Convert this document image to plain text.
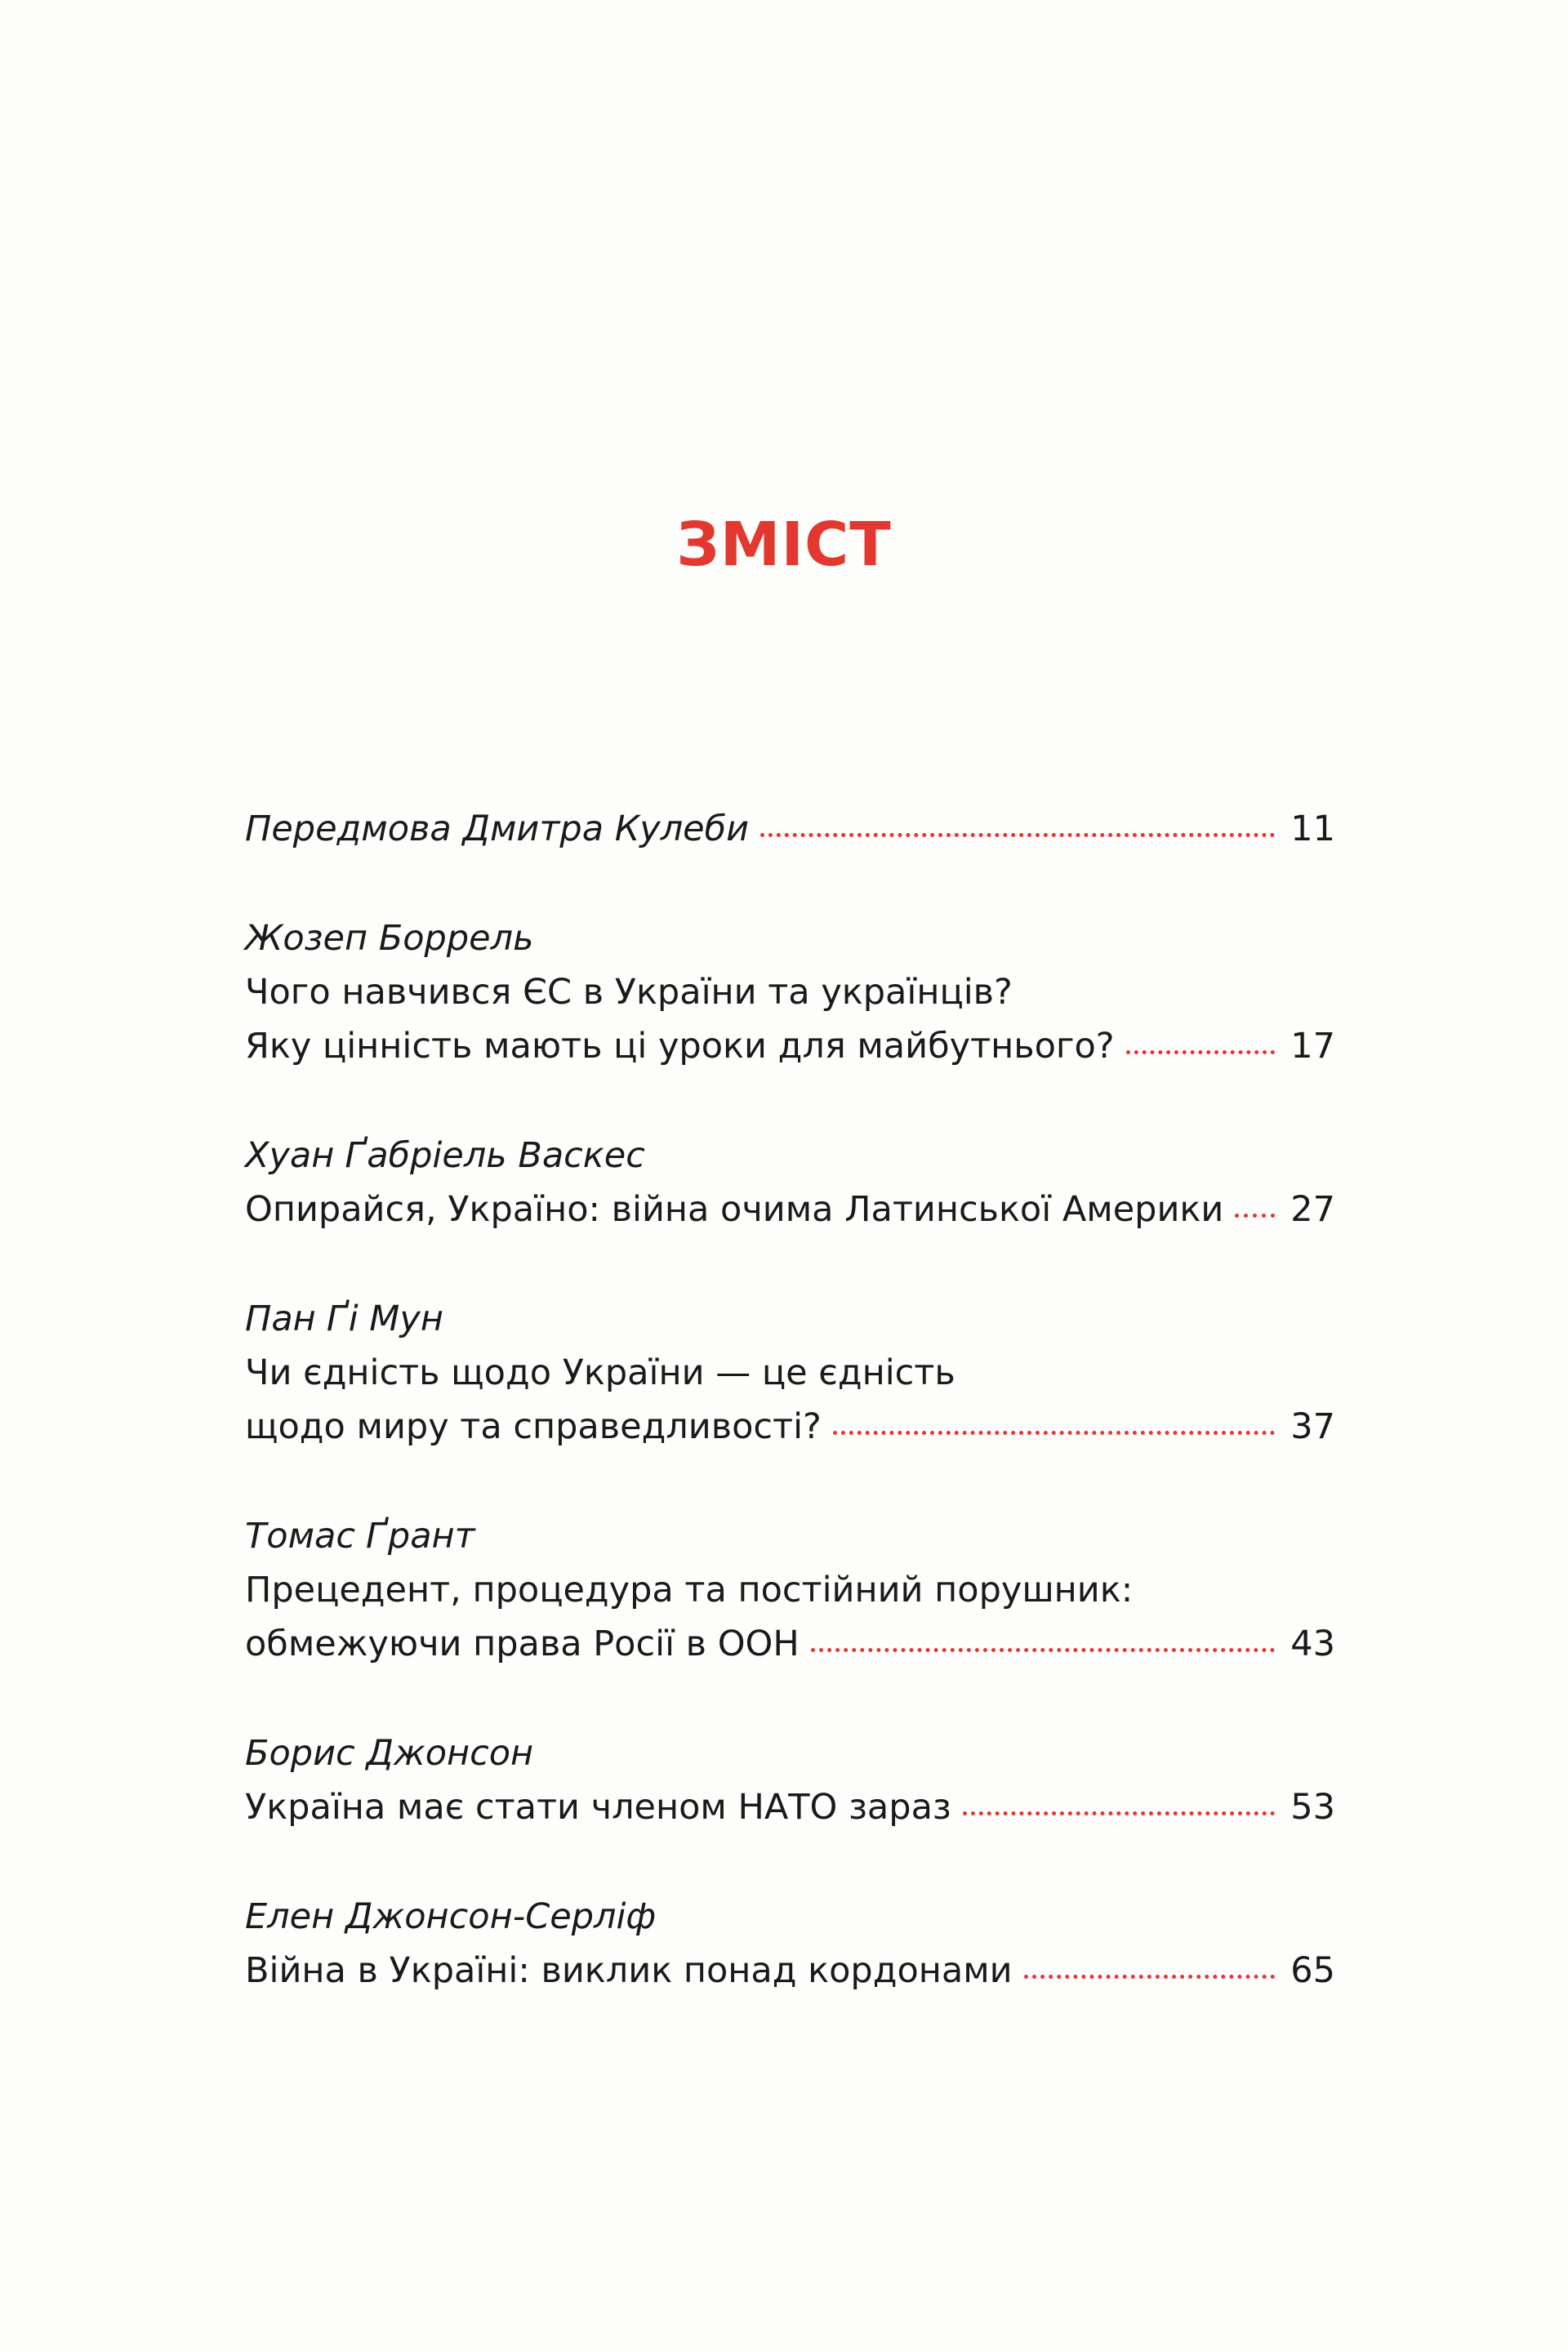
ЗМІСТ
Передмова Дмитра Кулеби	11
Жозеп Боррель
Чого навчився ЄС в України та українців?
Яку цінність мають ці уроки для майбутнього?	17
Хуан Ґабріель Васкес
Опирайся, Україно: війна очима Латинської Америки 27
Пан Ґі Мун
Чи єдність щодо України — це єдність
щодо миру та справедливості?	37
Томас Ґрант
Прецедент, процедура та постійний порушник:
обмежуючи права Росії в ООН	43
Борис Джонсон
Україна має стати членом НАТО зараз	53
Елен Джонсон-Серліф
Війна в Україні: виклик понад кордонами	65
